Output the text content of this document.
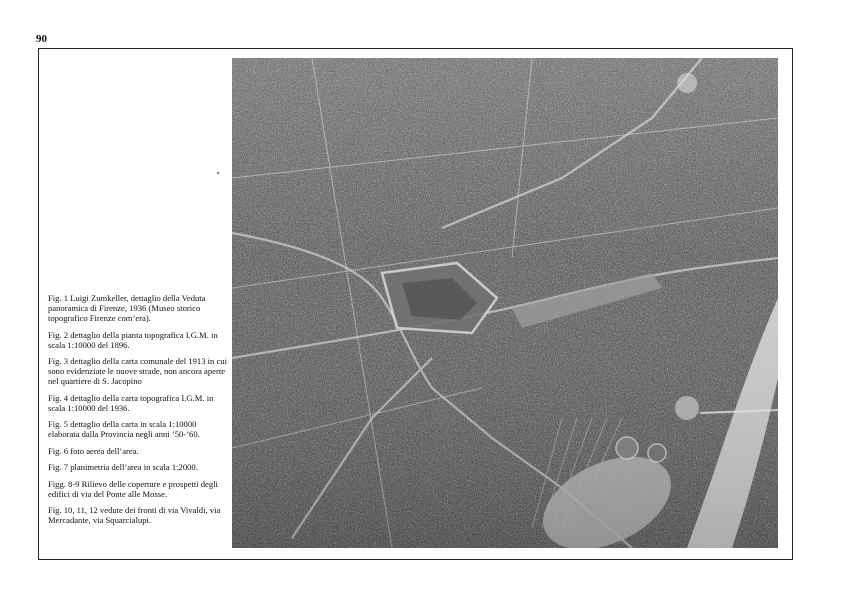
90

Fig. 1 Luigi Zumkeller, dettaglio della Veduta panoramica di Firenze, 1936 (Museo storico topografico Firenze com’era).

Fig. 2 dettaglio della pianta topografica I.G.M. in scala 1:10000 del 1896.

Fig. 3 dettaglio della carta comunale del 1913 in cui sono evidenziate le nuove strade, non ancora aperte nel quartiere di S. Jacopino

Fig. 4 dettaglio della carta topografica I.G.M. in scala 1:10000 del 1936.

Fig. 5 dettaglio della carta in scala 1:10000 elaborata dalla Provincia negli anni ’50-’60.

Fig. 6 foto aerea dell’area.

Fig. 7 planimetria dell’area in scala 1:2000.

Figg. 8-9 Rilievo delle coperture e prospetti degli edifici di via del Ponte alle Mosse.

Fig. 10, 11, 12 vedute dei fronti di via Vivaldi, via Mercadante, via Squarcialupi.
